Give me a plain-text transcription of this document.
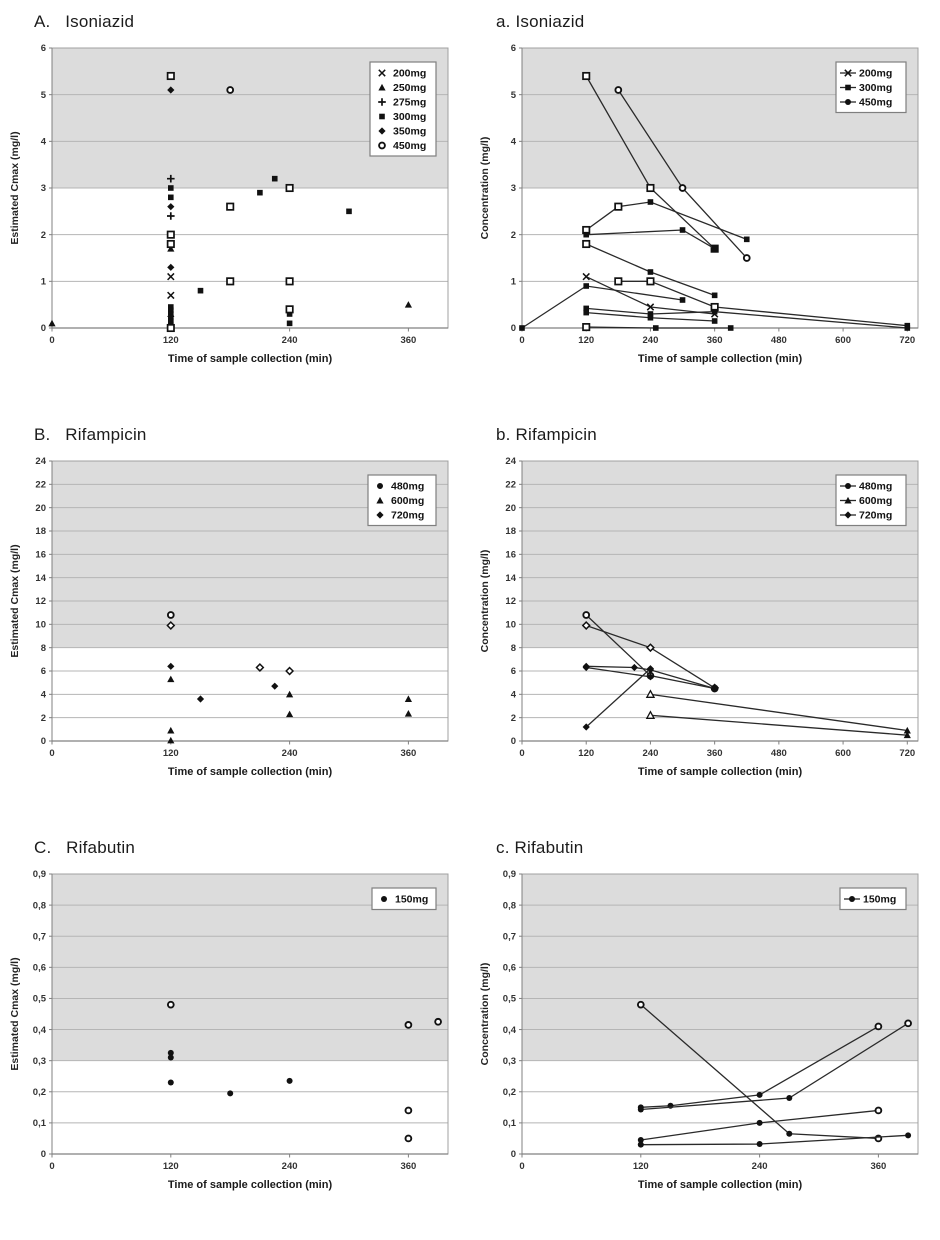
A.   Isoniazid
0
1
2
3
4
5
6
Estimated Cmax (mg/l)
0	120	240	360
Time of sample collection (min)
200mg
250mg
275mg
300mg
350mg
450mg
a. Isoniazid
0
1
2
3
4
5
6
Concentration (mg/l)
0	120	240	360	480	600	720
Time of sample collection (min)
200mg
300mg
450mg
B.   Rifampicin
0
2
4
6
8
10
12
14
16
18
20
22
24
Estimated Cmax (mg/l)
0	120	240	360
Time of sample collection (min)
480mg
600mg
720mg
b. Rifampicin
0
2
4
6
8
10
12
14
16
18
20
22
24
Concentration (mg/l)
0	120	240	360	480	600	720
Time of sample collection (min)
480mg
600mg
720mg
C.   Rifabutin
0
0,1
0,2
0,3
0,4
0,5
0,6
0,7
0,8
0,9
Estimated Cmax (mg/l)
0	120	240	360
Time of sample collection (min)
150mg
c. Rifabutin
0
0,1
0,2
0,3
0,4
0,5
0,6
0,7
0,8
0,9
Concentration (mg/l)
0	120	240	360
Time of sample collection (min)
150mg
